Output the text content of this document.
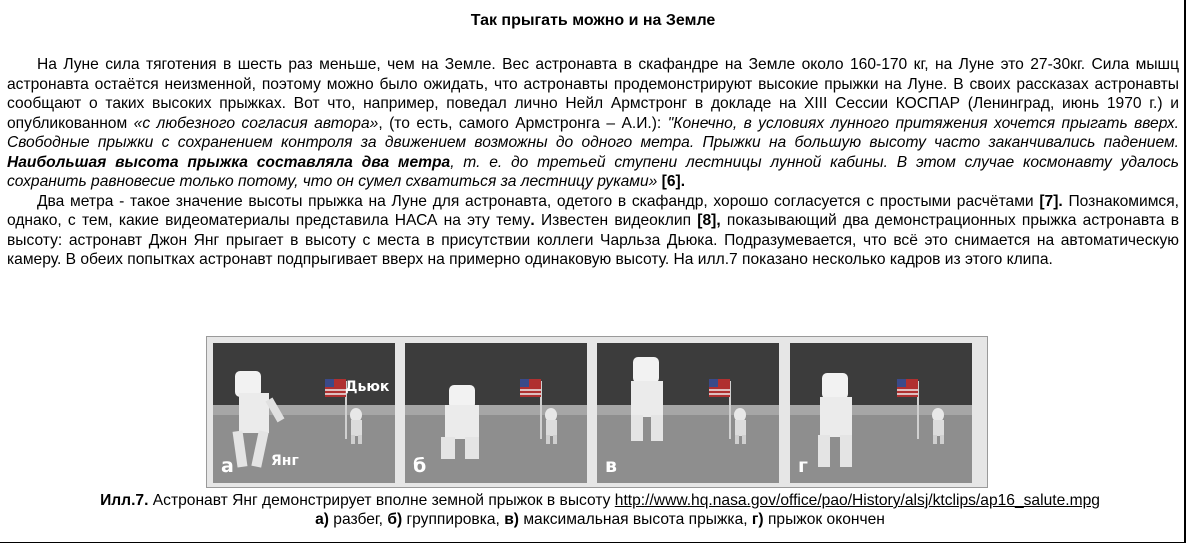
Так прыгать можно и на Земле

На Луне сила тяготения в шесть раз меньше, чем на Земле. Вес астронавта в скафандре на Земле около 160-170 кг, на Луне это 27-30кг. Сила мышц астронавта остаётся неизменной, поэтому можно было ожидать, что астронавты продемонстрируют высокие прыжки на Луне. В своих рассказах астронавты сообщают о таких высоких прыжках. Вот что, например, поведал лично Нейл Армстронг в докладе на XIII Сессии КОСПАР (Ленинград, июнь 1970 г.) и опубликованном «с любезного согласия автора», (то есть, самого Армстронга – А.И.): "Конечно, в условиях лунного притяжения хочется прыгать вверх. Свободные прыжки с сохранением контроля за движением возможны до одного метра. Прыжки на большую высоту часто заканчивались падением. Наибольшая высота прыжка составляла два метра, т. е. до третьей ступени лестницы лунной кабины. В этом случае космонавту удалось сохранить равновесие только потому, что он сумел схватиться за лестницу руками» [6].

Два метра - такое значение высоты прыжка на Луне для астронавта, одетого в скафандр, хорошо согласуется с простыми расчётами [7]. Познакомимся, однако, с тем, какие видеоматериалы представила НАСА на эту тему. Известен видеоклип [8], показывающий два демонстрационных прыжка астронавта в высоту: астронавт Джон Янг прыгает в высоту с места в присутствии коллеги Чарльза Дьюка. Подразумевается, что всё это снимается на автоматическую камеру. В обеих попытках астронавт подпрыгивает вверх на примерно одинаковую высоту. На илл.7 показано несколько кадров из этого клипа.

а	Янг
Дьюк
б	в	г
Илл.7. Астронавт Янг демонстрирует вполне земной прыжок в высоту http://www.hq.nasa.gov/office/pao/History/alsj/ktclips/ap16_salute.mpg
а) разбег, б) группировка, в) максимальная высота прыжка, г) прыжок окончен
